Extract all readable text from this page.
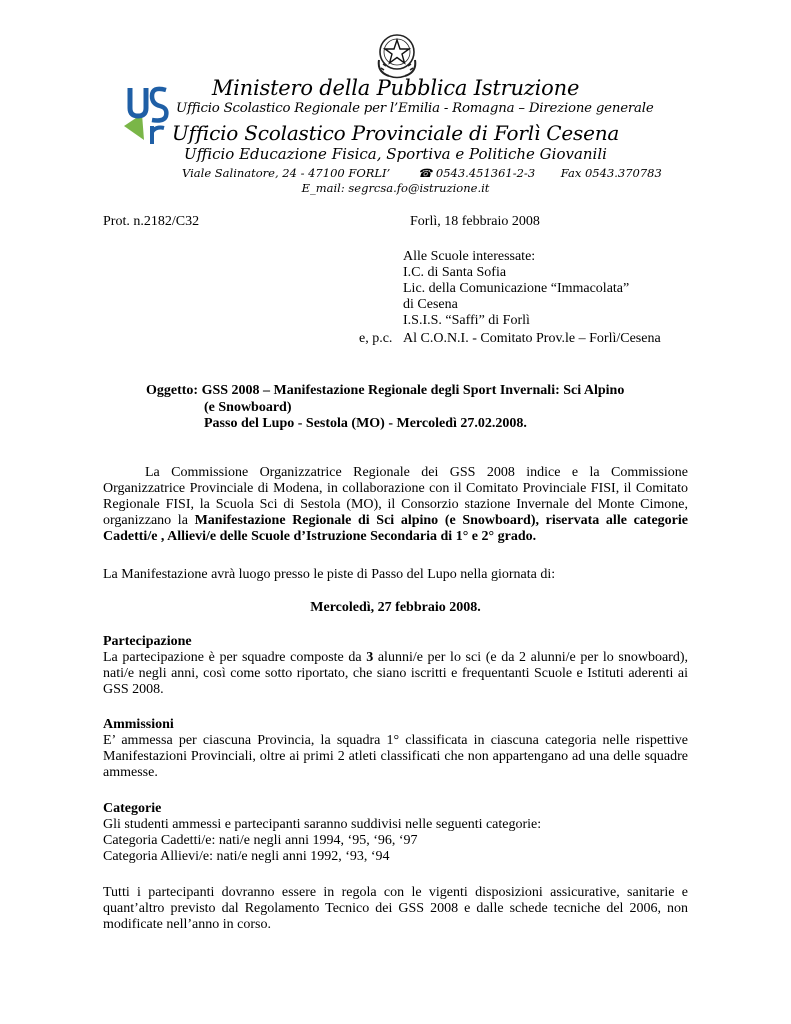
Ministero della Pubblica Istruzione
Ufficio Scolastico Regionale per l’Emilia - Romagna – Direzione generale
Ufficio Scolastico Provinciale di Forlì Cesena
Ufficio Educazione Fisica, Sportiva e Politiche Giovanili
Viale Salinatore, 24 - 47100 FORLI’ ☎ 0543.451361-2-3 Fax 0543.370783
E_mail: segrcsa.fo@istruzione.it
Prot. n.2182/C32	Forlì, 18 febbraio 2008
Alle Scuole interessate:
I.C. di Santa Sofia
Lic. della Comunicazione “Immacolata”
di Cesena
I.S.I.S. “Saffi” di Forlì
e, p.c. Al C.O.N.I. - Comitato Prov.le – Forlì/Cesena
Oggetto: GSS 2008 – Manifestazione Regionale degli Sport Invernali: Sci Alpino
(e Snowboard)
Passo del Lupo - Sestola (MO) - Mercoledì 27.02.2008.
La Commissione Organizzatrice Regionale dei GSS 2008 indice e la Commissione Organizzatrice Provinciale di Modena, in collaborazione con il Comitato Provinciale FISI, il Comitato Regionale FISI, la Scuola Sci di Sestola (MO), il Consorzio stazione Invernale del Monte Cimone, organizzano la Manifestazione Regionale di Sci alpino (e Snowboard), riservata alle categorie Cadetti/e , Allievi/e delle Scuole d’Istruzione Secondaria di 1° e 2° grado.
La Manifestazione avrà luogo presso le piste di Passo del Lupo nella giornata di:
Mercoledì, 27 febbraio 2008.
Partecipazione
La partecipazione è per squadre composte da 3 alunni/e per lo sci (e da 2 alunni/e per lo snowboard), nati/e negli anni, così come sotto riportato, che siano iscritti e frequentanti Scuole e Istituti aderenti ai GSS 2008.
Ammissioni
E’ ammessa per ciascuna Provincia, la squadra 1° classificata in ciascuna categoria nelle rispettive Manifestazioni Provinciali, oltre ai primi 2 atleti classificati che non appartengano ad una delle squadre ammesse.
Categorie
Gli studenti ammessi e partecipanti saranno suddivisi nelle seguenti categorie:
Categoria Cadetti/e: nati/e negli anni 1994, ‘95, ‘96, ‘97
Categoria Allievi/e: nati/e negli anni 1992, ‘93, ‘94
Tutti i partecipanti dovranno essere in regola con le vigenti disposizioni assicurative, sanitarie e quant’altro previsto dal Regolamento Tecnico dei GSS 2008 e dalle schede tecniche del 2006, non modificate nell’anno in corso.
